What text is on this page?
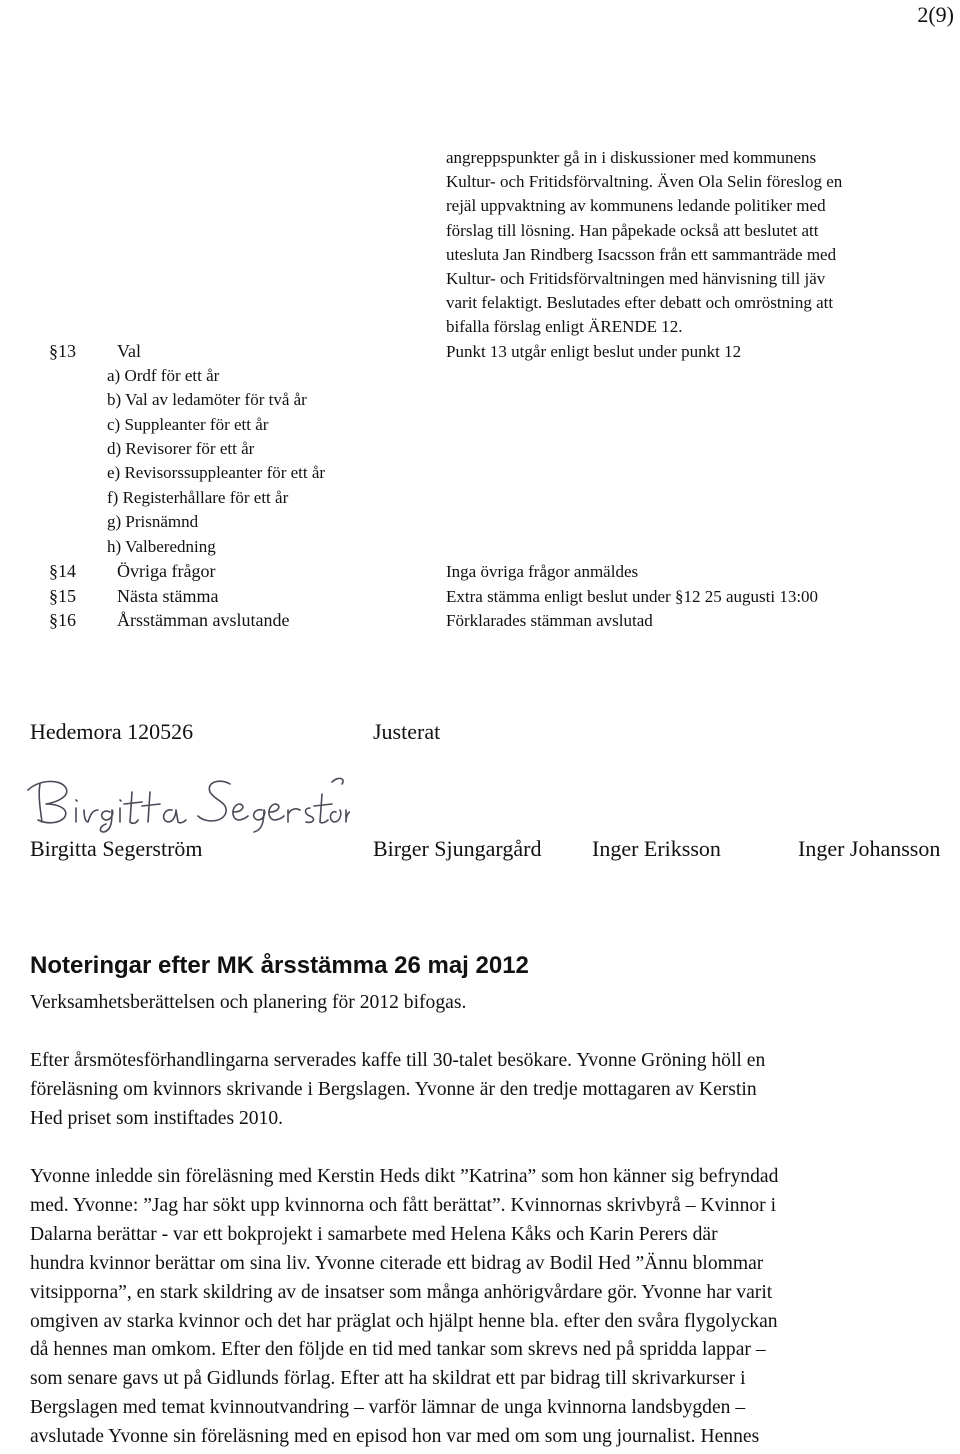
2(9)
angreppspunkter gå in i diskussioner med kommunens
Kultur- och Fritidsförvaltning. Även Ola Selin föreslog en
rejäl uppvaktning av kommunens ledande politiker med
förslag till lösning. Han påpekade också att beslutet att
utesluta Jan Rindberg Isacsson från ett sammanträde med
Kultur- och Fritidsförvaltningen med hänvisning till jäv
varit felaktigt. Beslutades efter debatt och omröstning att
bifalla förslag enligt ÄRENDE 12.
§13 Val	Punkt 13 utgår enligt beslut under punkt 12
a) Ordf för ett år
b) Val av ledamöter för två år
c) Suppleanter för ett år
d) Revisorer för ett år
e) Revisorssuppleanter för ett år
f) Registerhållare för ett år
g) Prisnämnd
h) Valberedning
§14 Övriga frågor	Inga övriga frågor anmäldes
§15 Nästa stämma	Extra stämma enligt beslut under §12 25 augusti 13:00
§16 Årsstämman avslutande	Förklarades stämman avslutad
Hedemora 120526	Justerat
Birgitta Segerström	Birger Sjungargård Inger Eriksson	Inger Johansson
Noteringar efter MK årsstämma 26 maj 2012
Verksamhetsberättelsen och planering för 2012 bifogas.
Efter årsmötesförhandlingarna serverades kaffe till 30-talet besökare. Yvonne Gröning höll en
föreläsning om kvinnors skrivande i Bergslagen. Yvonne är den tredje mottagaren av Kerstin
Hed priset som instiftades 2010.
Yvonne inledde sin föreläsning med Kerstin Heds dikt ”Katrina” som hon känner sig befryndad
med. Yvonne: ”Jag har sökt upp kvinnorna och fått berättat”. Kvinnornas skrivbyrå – Kvinnor i
Dalarna berättar - var ett bokprojekt i samarbete med Helena Kåks och Karin Perers där
hundra kvinnor berättar om sina liv. Yvonne citerade ett bidrag av Bodil Hed ”Ännu blommar
vitsipporna”, en stark skildring av de insatser som många anhörigvårdare gör. Yvonne har varit
omgiven av starka kvinnor och det har präglat och hjälpt henne bla. efter den svåra flygolyckan
då hennes man omkom. Efter den följde en tid med tankar som skrevs ned på spridda lappar –
som senare gavs ut på Gidlunds förlag. Efter att ha skildrat ett par bidrag till skrivarkurser i
Bergslagen med temat kvinnoutvandring – varför lämnar de unga kvinnorna landsbygden –
avslutade Yvonne sin föreläsning med en episod hon var med om som ung journalist. Hennes
